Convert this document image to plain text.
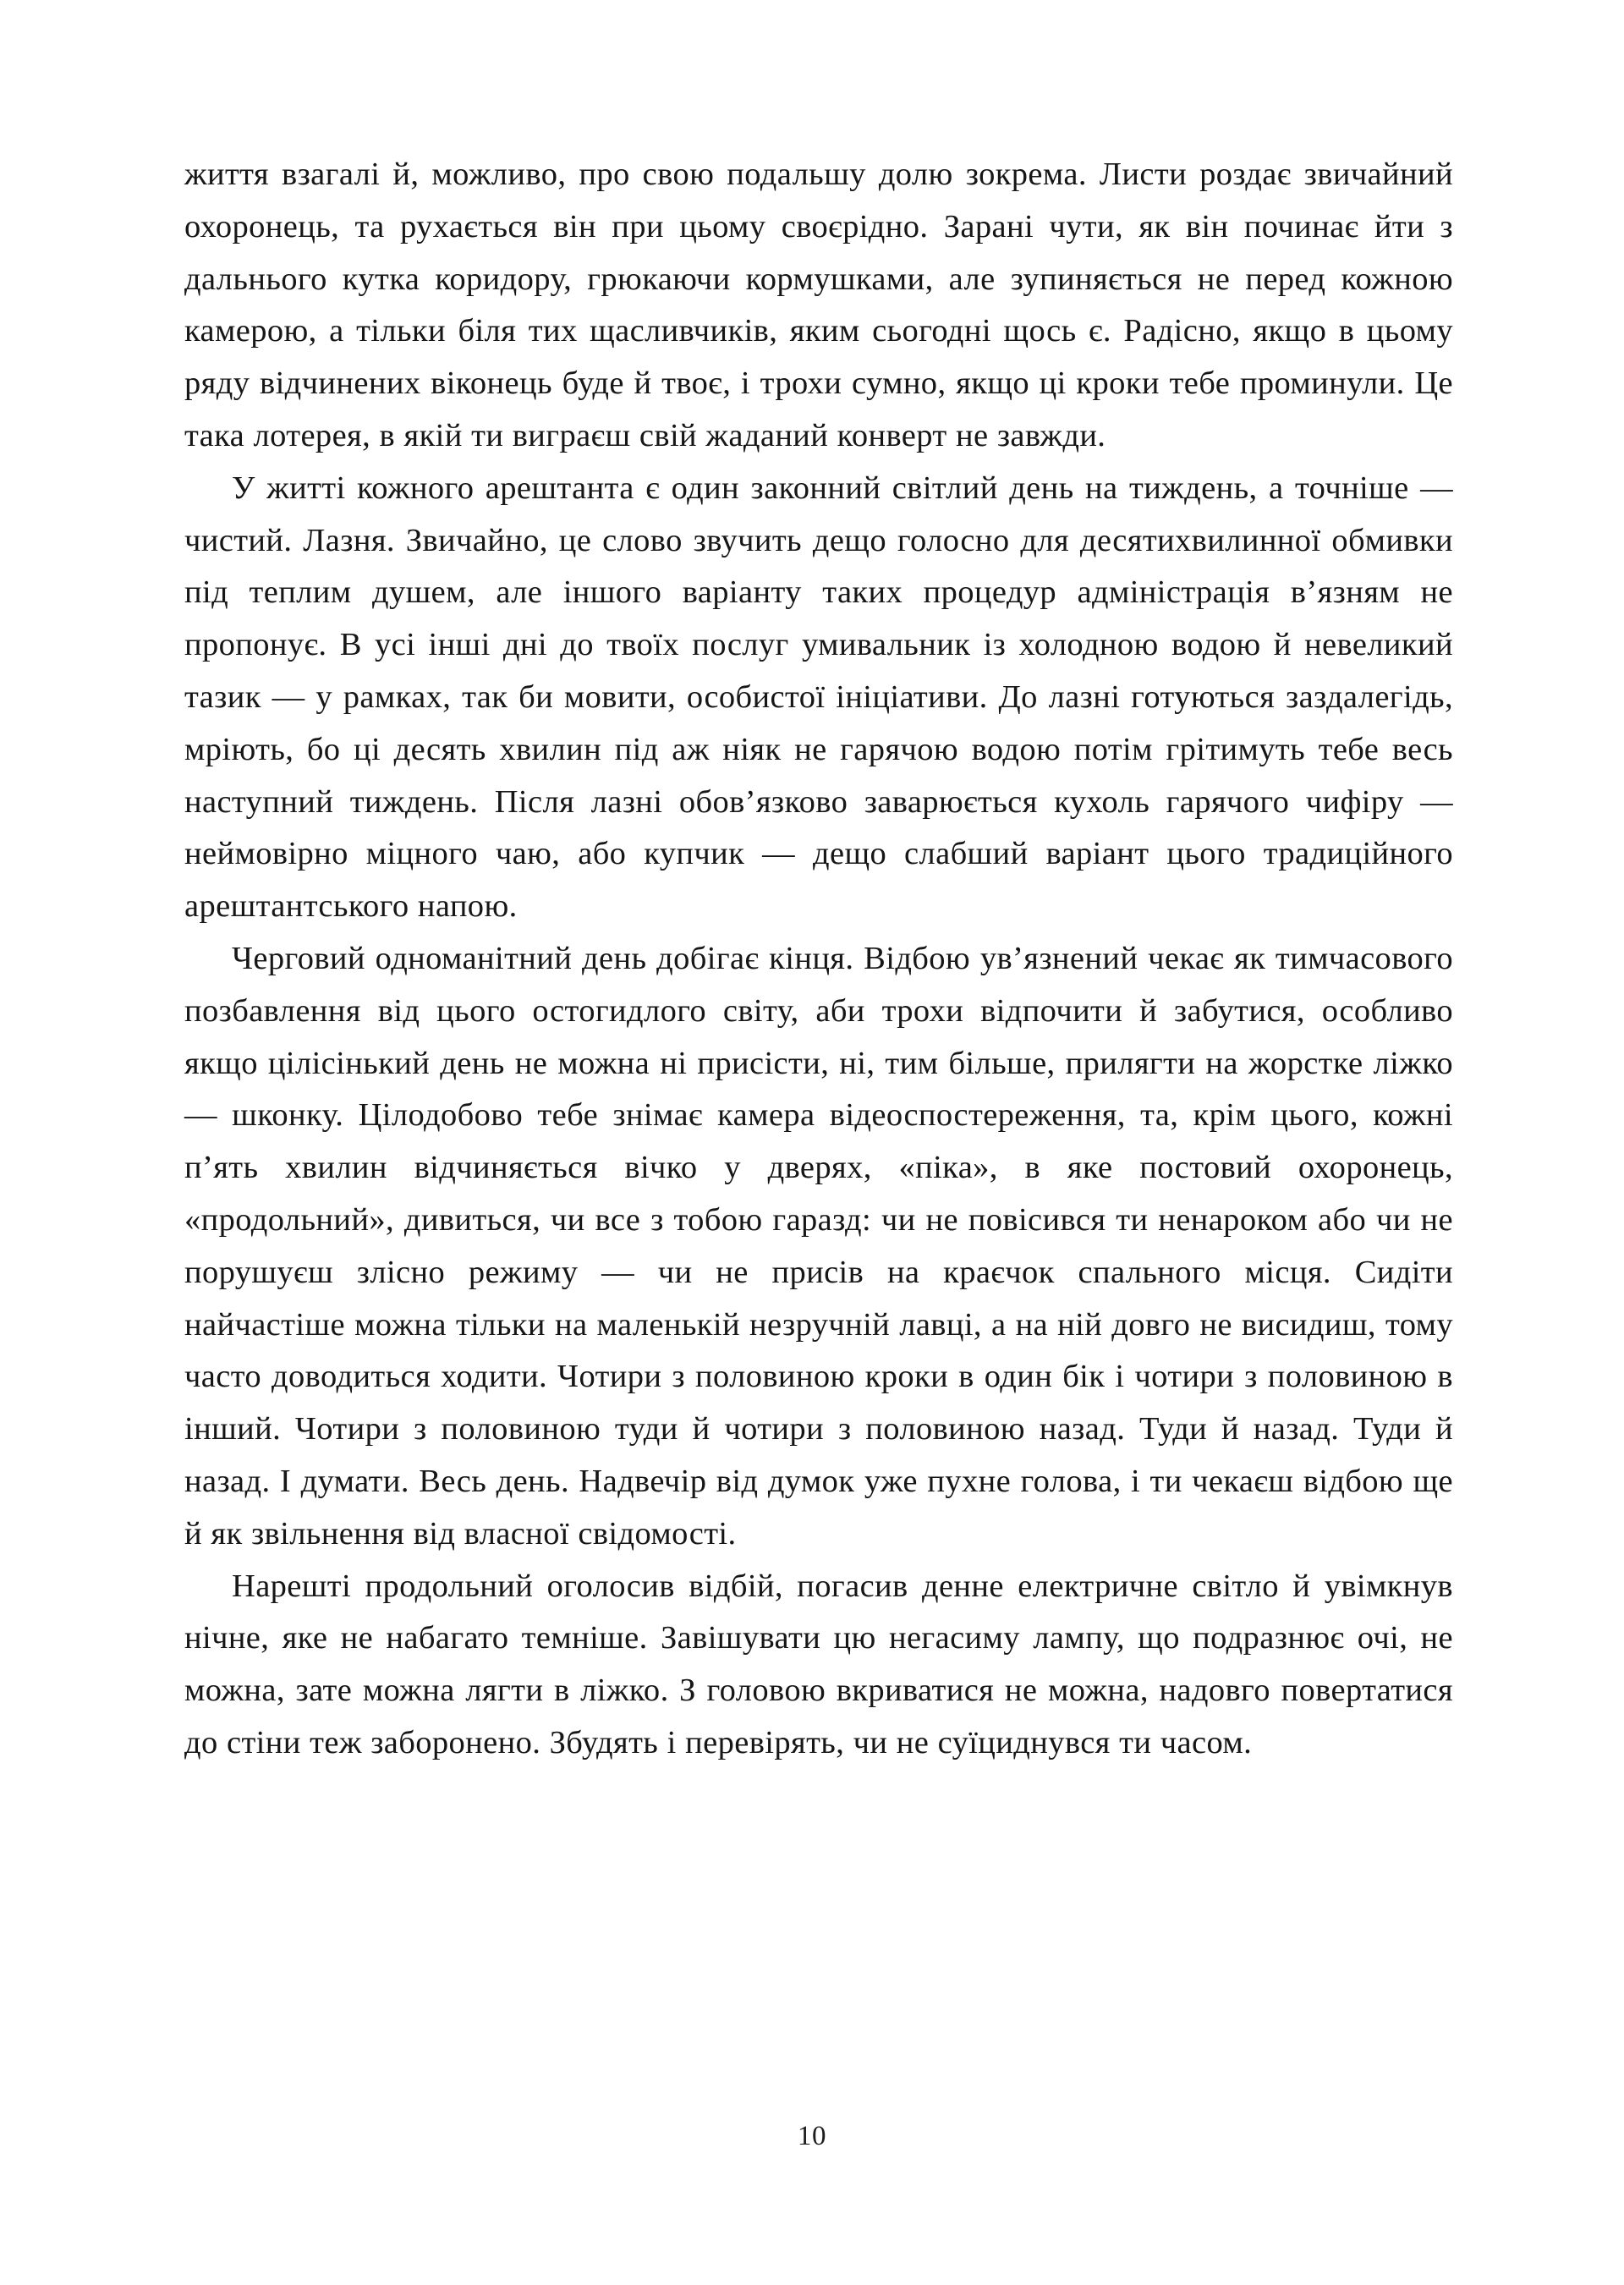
життя взагалі й, можливо, про свою подальшу долю зокрема. Листи роздає звичайний охоронець, та рухається він при цьому своєрідно. Зарані чути, як він починає йти з дальнього кутка коридору, грюкаючи кормушками, але зупиняється не перед кожною камерою, а тільки біля тих щасливчиків, яким сьогодні щось є. Радісно, якщо в цьому ряду відчинених віконець буде й твоє, і трохи сумно, якщо ці кроки тебе проминули. Це така лотерея, в якій ти виграєш свій жаданий конверт не завжди.

У житті кожного арештанта є один законний світлий день на тиждень, а точніше — чистий. Лазня. Звичайно, це слово звучить дещо голосно для десятихвилинної обмивки під теплим душем, але іншого варіанту таких процедур адміністрація в’язням не пропонує. В усі інші дні до твоїх послуг умивальник із холодною водою й невеликий тазик — у рамках, так би мовити, особистої ініціативи. До лазні готуються заздалегідь, мріють, бо ці десять хвилин під аж ніяк не гарячою водою потім грітимуть тебе весь наступний тиждень. Після лазні обов’язково заварюється кухоль гарячого чифіру — неймовірно міцного чаю, або купчик — дещо слабший варіант цього традиційного арештантського напою.

Черговий одноманітний день добігає кінця. Відбою ув’язнений чекає як тимчасового позбавлення від цього остогидлого світу, аби трохи відпочити й забутися, особливо якщо цілісінький день не можна ні присісти, ні, тим більше, прилягти на жорстке ліжко — шконку. Цілодобово тебе знімає камера відеоспостереження, та, крім цього, кожні п’ять хвилин відчиняється вічко у дверях, «піка», в яке постовий охоронець, «продольний», дивиться, чи все з тобою гаразд: чи не повісився ти ненароком або чи не порушуєш злісно режиму — чи не присів на краєчок спального місця. Сидіти найчастіше можна тільки на маленькій незручній лавці, а на ній довго не висидиш, тому часто доводиться ходити. Чотири з половиною кроки в один бік і чотири з половиною в інший. Чотири з половиною туди й чотири з половиною назад. Туди й назад. Туди й назад. І думати. Весь день. Надвечір від думок уже пухне голова, і ти чекаєш відбою ще й як звільнення від власної свідомості.

Нарешті продольний оголосив відбій, погасив денне електричне світло й увімкнув нічне, яке не набагато темніше. Завішувати цю негасиму лампу, що подразнює очі, не можна, зате можна лягти в ліжко. З головою вкриватися не можна, надовго повертатися до стіни теж заборонено. Збудять і перевірять, чи не суїциднувся ти часом.

10
